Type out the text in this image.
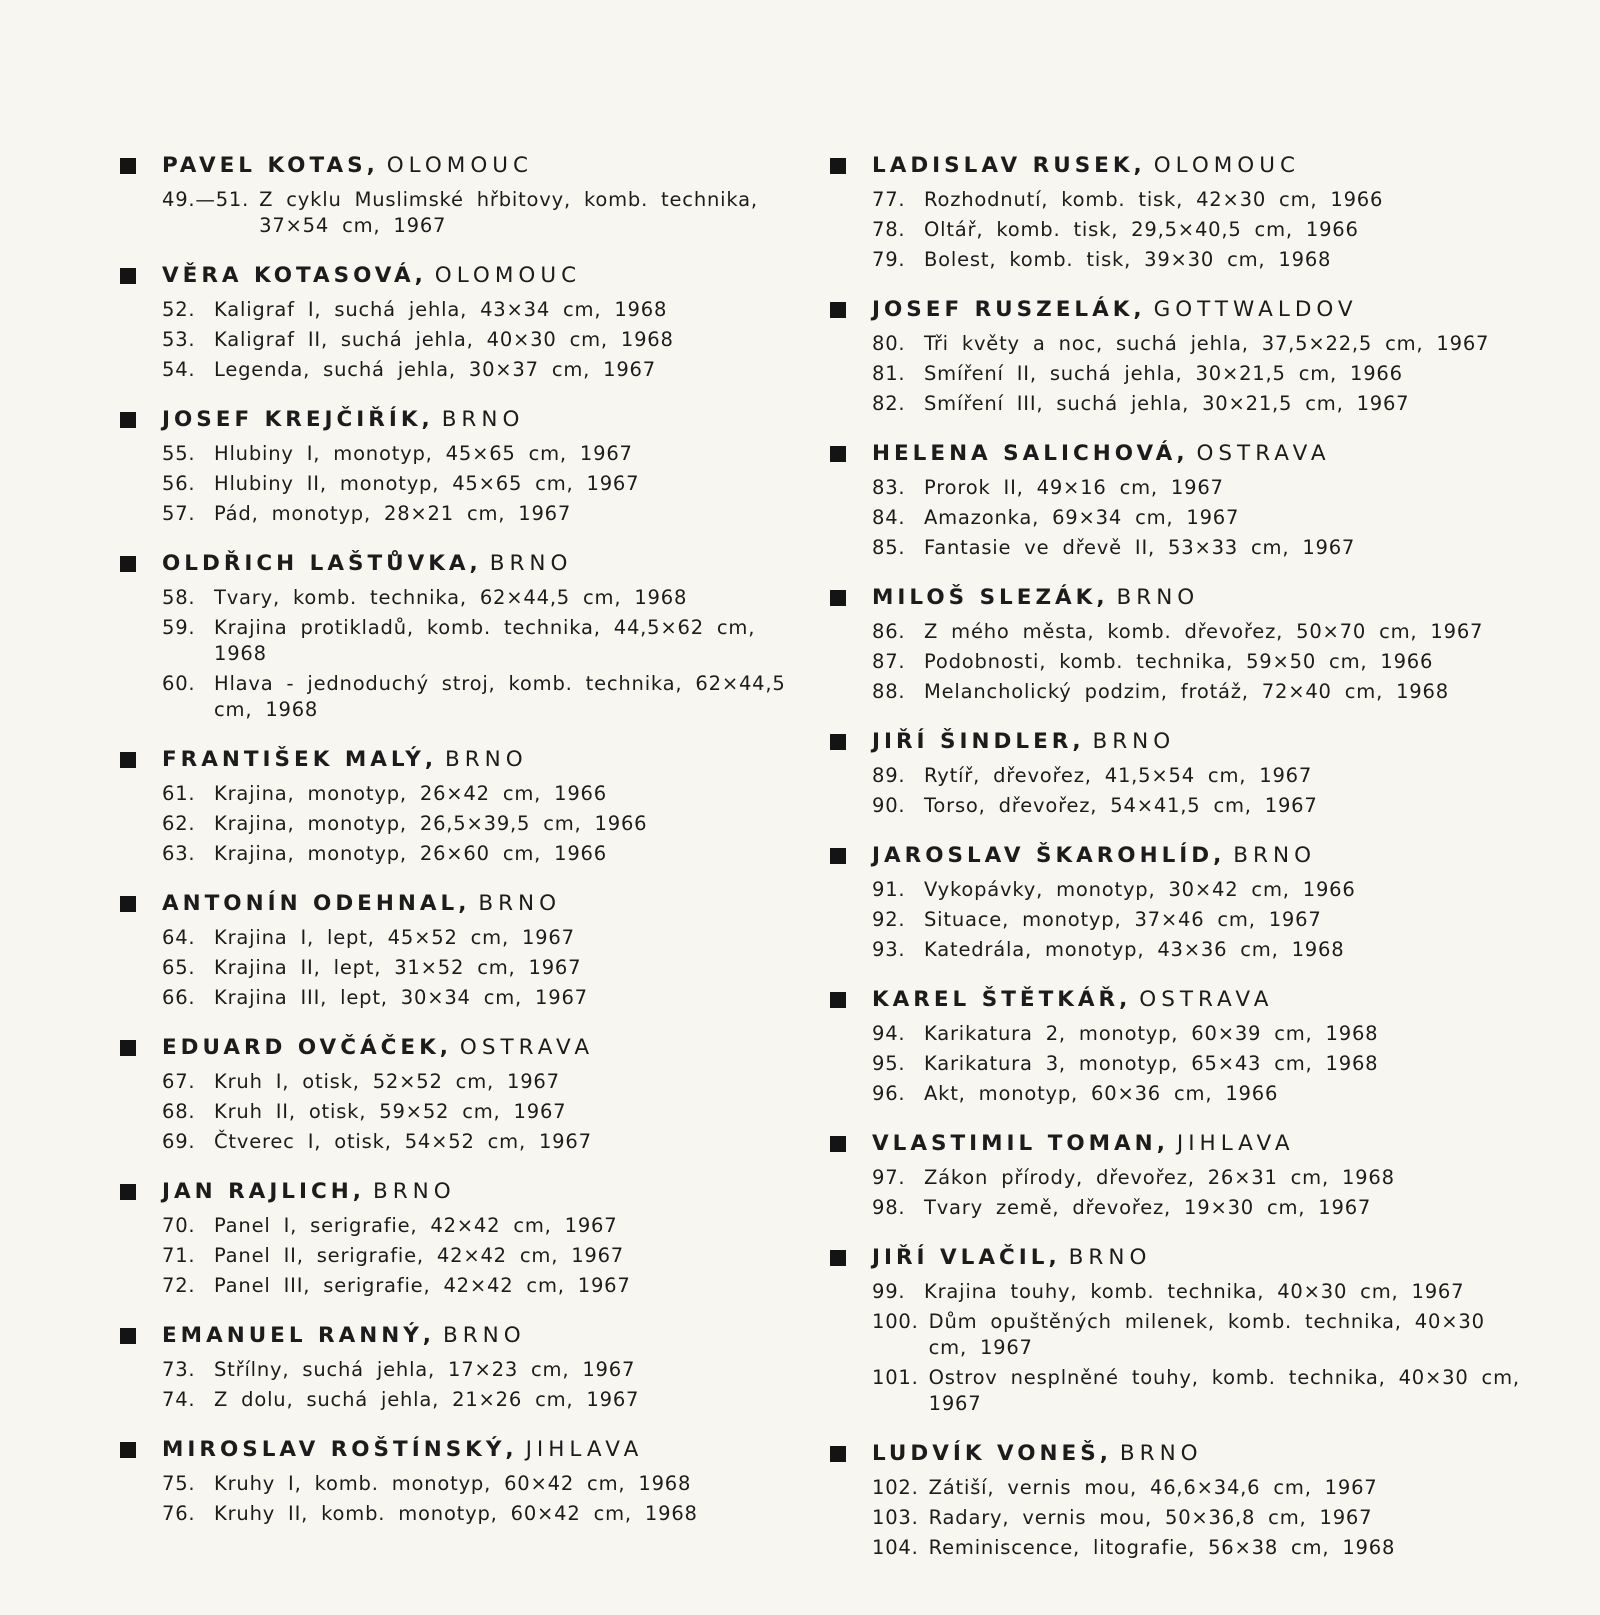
PAVEL KOTAS , OLOMOUC
49.—51. Z cyklu Muslimské hřbitovy, komb. technika, 37×54 cm, 1967
VĚRA KOTASOVÁ , OLOMOUC
52. Kaligraf I, suchá jehla, 43×34 cm, 1968
53. Kaligraf II, suchá jehla, 40×30 cm, 1968
54. Legenda, suchá jehla, 30×37 cm, 1967
JOSEF KREJČIŘÍK , BRNO
55. Hlubiny I, monotyp, 45×65 cm, 1967
56. Hlubiny II, monotyp, 45×65 cm, 1967
57. Pád, monotyp, 28×21 cm, 1967
OLDŘICH LAŠTŮVKA , BRNO
58. Tvary, komb. technika, 62×44,5 cm, 1968
59. Krajina protikladů, komb. technika, 44,5×62 cm, 1968
60. Hlava - jednoduchý stroj, komb. technika, 62×44,5 cm, 1968
FRANTIŠEK MALÝ , BRNO
61. Krajina, monotyp, 26×42 cm, 1966
62. Krajina, monotyp, 26,5×39,5 cm, 1966
63. Krajina, monotyp, 26×60 cm, 1966
ANTONÍN ODEHNAL , BRNO
64. Krajina I, lept, 45×52 cm, 1967
65. Krajina II, lept, 31×52 cm, 1967
66. Krajina III, lept, 30×34 cm, 1967
EDUARD OVČÁČEK , OSTRAVA
67. Kruh I, otisk, 52×52 cm, 1967
68. Kruh II, otisk, 59×52 cm, 1967
69. Čtverec I, otisk, 54×52 cm, 1967
JAN RAJLICH , BRNO
70. Panel I, serigrafie, 42×42 cm, 1967
71. Panel II, serigrafie, 42×42 cm, 1967
72. Panel III, serigrafie, 42×42 cm, 1967
EMANUEL RANNÝ , BRNO
73. Střílny, suchá jehla, 17×23 cm, 1967
74. Z dolu, suchá jehla, 21×26 cm, 1967
MIROSLAV ROŠTÍNSKÝ , JIHLAVA
75. Kruhy I, komb. monotyp, 60×42 cm, 1968
76. Kruhy II, komb. monotyp, 60×42 cm, 1968
LADISLAV RUSEK , OLOMOUC
77. Rozhodnutí, komb. tisk, 42×30 cm, 1966
78. Oltář, komb. tisk, 29,5×40,5 cm, 1966
79. Bolest, komb. tisk, 39×30 cm, 1968
JOSEF RUSZELÁK , GOTTWALDOV
80. Tři květy a noc, suchá jehla, 37,5×22,5 cm, 1967
81. Smíření II, suchá jehla, 30×21,5 cm, 1966
82. Smíření III, suchá jehla, 30×21,5 cm, 1967
HELENA SALICHOVÁ , OSTRAVA
83. Prorok II, 49×16 cm, 1967
84. Amazonka, 69×34 cm, 1967
85. Fantasie ve dřevě II, 53×33 cm, 1967
MILOŠ SLEZÁK , BRNO
86. Z mého města, komb. dřevořez, 50×70 cm, 1967
87. Podobnosti, komb. technika, 59×50 cm, 1966
88. Melancholický podzim, frotáž, 72×40 cm, 1968
JIŘÍ ŠINDLER , BRNO
89. Rytíř, dřevořez, 41,5×54 cm, 1967
90. Torso, dřevořez, 54×41,5 cm, 1967
JAROSLAV ŠKAROHLÍD , BRNO
91. Vykopávky, monotyp, 30×42 cm, 1966
92. Situace, monotyp, 37×46 cm, 1967
93. Katedrála, monotyp, 43×36 cm, 1968
KAREL ŠTĚTKÁŘ , OSTRAVA
94. Karikatura 2, monotyp, 60×39 cm, 1968
95. Karikatura 3, monotyp, 65×43 cm, 1968
96. Akt, monotyp, 60×36 cm, 1966
VLASTIMIL TOMAN , JIHLAVA
97. Zákon přírody, dřevořez, 26×31 cm, 1968
98. Tvary země, dřevořez, 19×30 cm, 1967
JIŘÍ VLAČIL , BRNO
99. Krajina touhy, komb. technika, 40×30 cm, 1967
100. Dům opuštěných milenek, komb. technika, 40×30 cm, 1967
101. Ostrov nesplněné touhy, komb. technika, 40×30 cm, 1967
LUDVÍK VONEŠ , BRNO
102. Zátiší, vernis mou, 46,6×34,6 cm, 1967
103. Radary, vernis mou, 50×36,8 cm, 1967
104. Reminiscence, litografie, 56×38 cm, 1968
